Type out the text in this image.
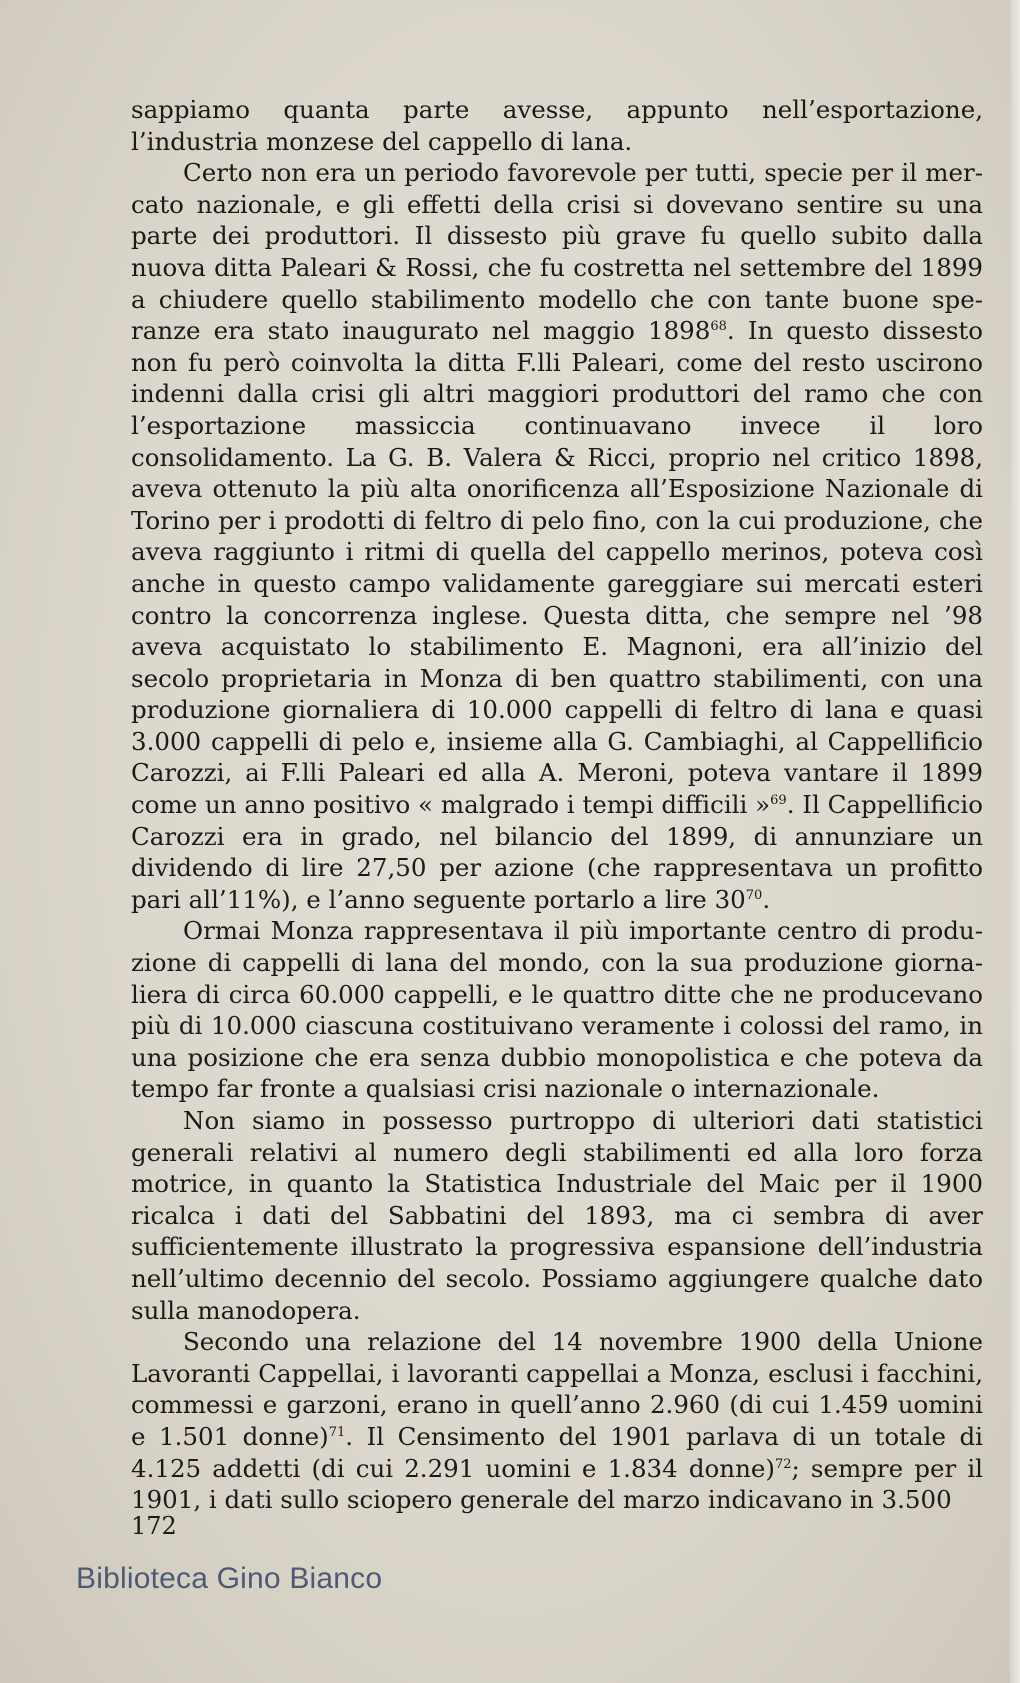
sappiamo quanta parte avesse, appunto nell’esportazione, l’industria monzese del cappello di lana.

Certo non era un periodo favorevole per tutti, specie per il mercato nazionale, e gli effetti della crisi si dovevano sentire su una parte dei produttori. Il dissesto più grave fu quello subito dalla nuova ditta Paleari & Rossi, che fu costretta nel settembre del 1899 a chiudere quello stabilimento modello che con tante buone speranze era stato inaugurato nel maggio 1898$^{68}$. In questo dissesto non fu però coinvolta la ditta F.lli Paleari, come del resto uscirono indenni dalla crisi gli altri maggiori produttori del ramo che con l’esportazione massiccia continuavano invece il loro consolidamento. La G. B. Valera & Ricci, proprio nel critico 1898, aveva ottenuto la più alta onorificenza all’Esposizione Nazionale di Torino per i prodotti di feltro di pelo fino, con la cui produzione, che aveva raggiunto i ritmi di quella del cappello merinos, poteva così anche in questo campo validamente gareggiare sui mercati esteri contro la concorrenza inglese. Questa ditta, che sempre nel ’98 aveva acquistato lo stabilimento E. Magnoni, era all’inizio del secolo proprietaria in Monza di ben quattro stabilimenti, con una produzione giornaliera di 10.000 cappelli di feltro di lana e quasi 3.000 cappelli di pelo e, insieme alla G. Cambiaghi, al Cappellificio Carozzi, ai F.lli Paleari ed alla A. Meroni, poteva vantare il 1899 come un anno positivo « malgrado i tempi difficili »$^{69}$. Il Cappellificio Carozzi era in grado, nel bilancio del 1899, di annunziare un dividendo di lire 27,50 per azione (che rappresentava un profitto pari all’11%), e l’anno seguente portarlo a lire $30^{70}$.

Ormai Monza rappresentava il più importante centro di produzione di cappelli di lana del mondo, con la sua produzione giornaliera di circa 60.000 cappelli, e le quattro ditte che ne producevano più di 10.000 ciascuna costituivano veramente i colossi del ramo, in una posizione che era senza dubbio monopolistica e che poteva da tempo far fronte a qualsiasi crisi nazionale o internazionale.

Non siamo in possesso purtroppo di ulteriori dati statistici generali relativi al numero degli stabilimenti ed alla loro forza motrice, in quanto la Statistica Industriale del Maic per il 1900 ricalca i dati del Sabbatini del 1893, ma ci sembra di aver sufficientemente illustrato la progressiva espansione dell’industria nell’ultimo decennio del secolo. Possiamo aggiungere qualche dato sulla manodopera.

Secondo una relazione del 14 novembre 1900 della Unione Lavoranti Cappellai, i lavoranti cappellai a Monza, esclusi i facchini, commessi e garzoni, erano in quell’anno 2.960 (di cui 1.459 uomini e 1.501 donne)$^{71}$. Il Censimento del 1901 parlava di un totale di 4.125 addetti (di cui 2.291 uomini e 1.834 donne)$^{72}$; sempre per il 1901, i dati sullo sciopero generale del marzo indicavano in 3.500

172
Biblioteca Gino Bianco
